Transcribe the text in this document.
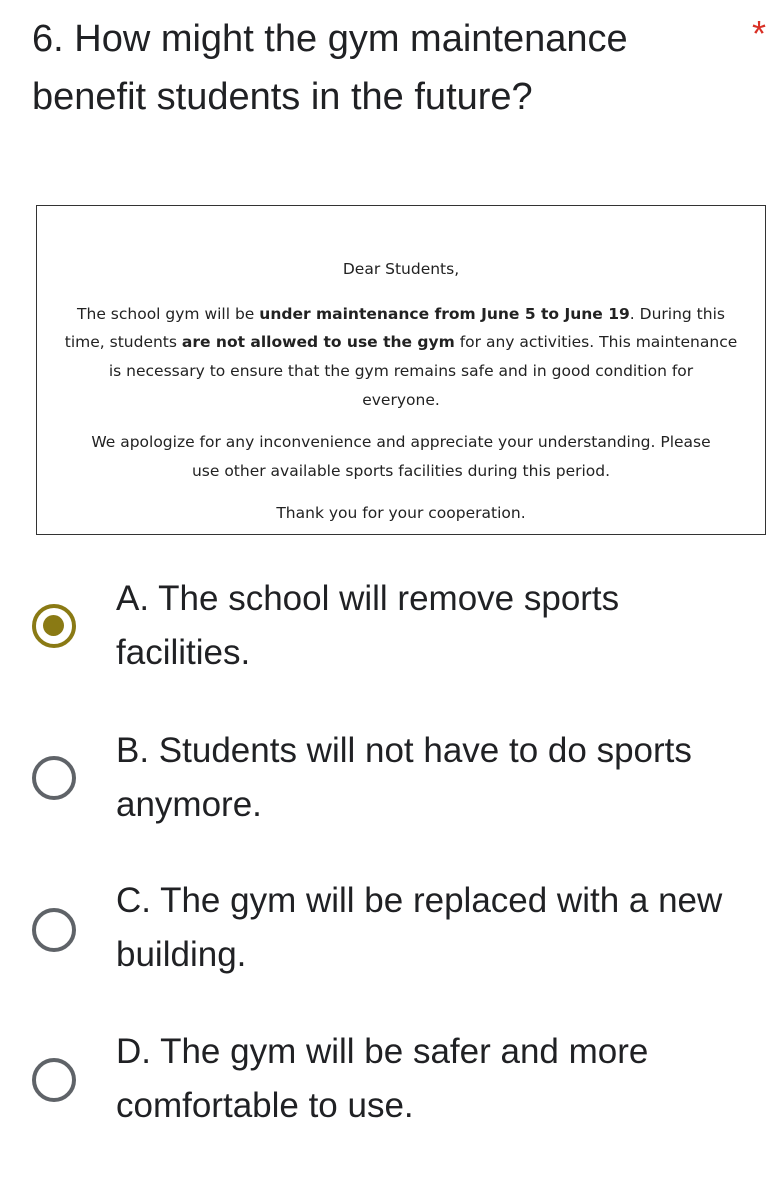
6. How might the gym maintenance benefit students in the future?
*
Dear Students,
The school gym will be under maintenance from June 5 to June 19. During this
time, students are not allowed to use the gym for any activities. This maintenance
is necessary to ensure that the gym remains safe and in good condition for
everyone.
We apologize for any inconvenience and appreciate your understanding. Please
use other available sports facilities during this period.
Thank you for your cooperation.
A. The school will remove sports facilities.
B. Students will not have to do sports anymore.
C. The gym will be replaced with a new building.
D. The gym will be safer and more comfortable to use.
